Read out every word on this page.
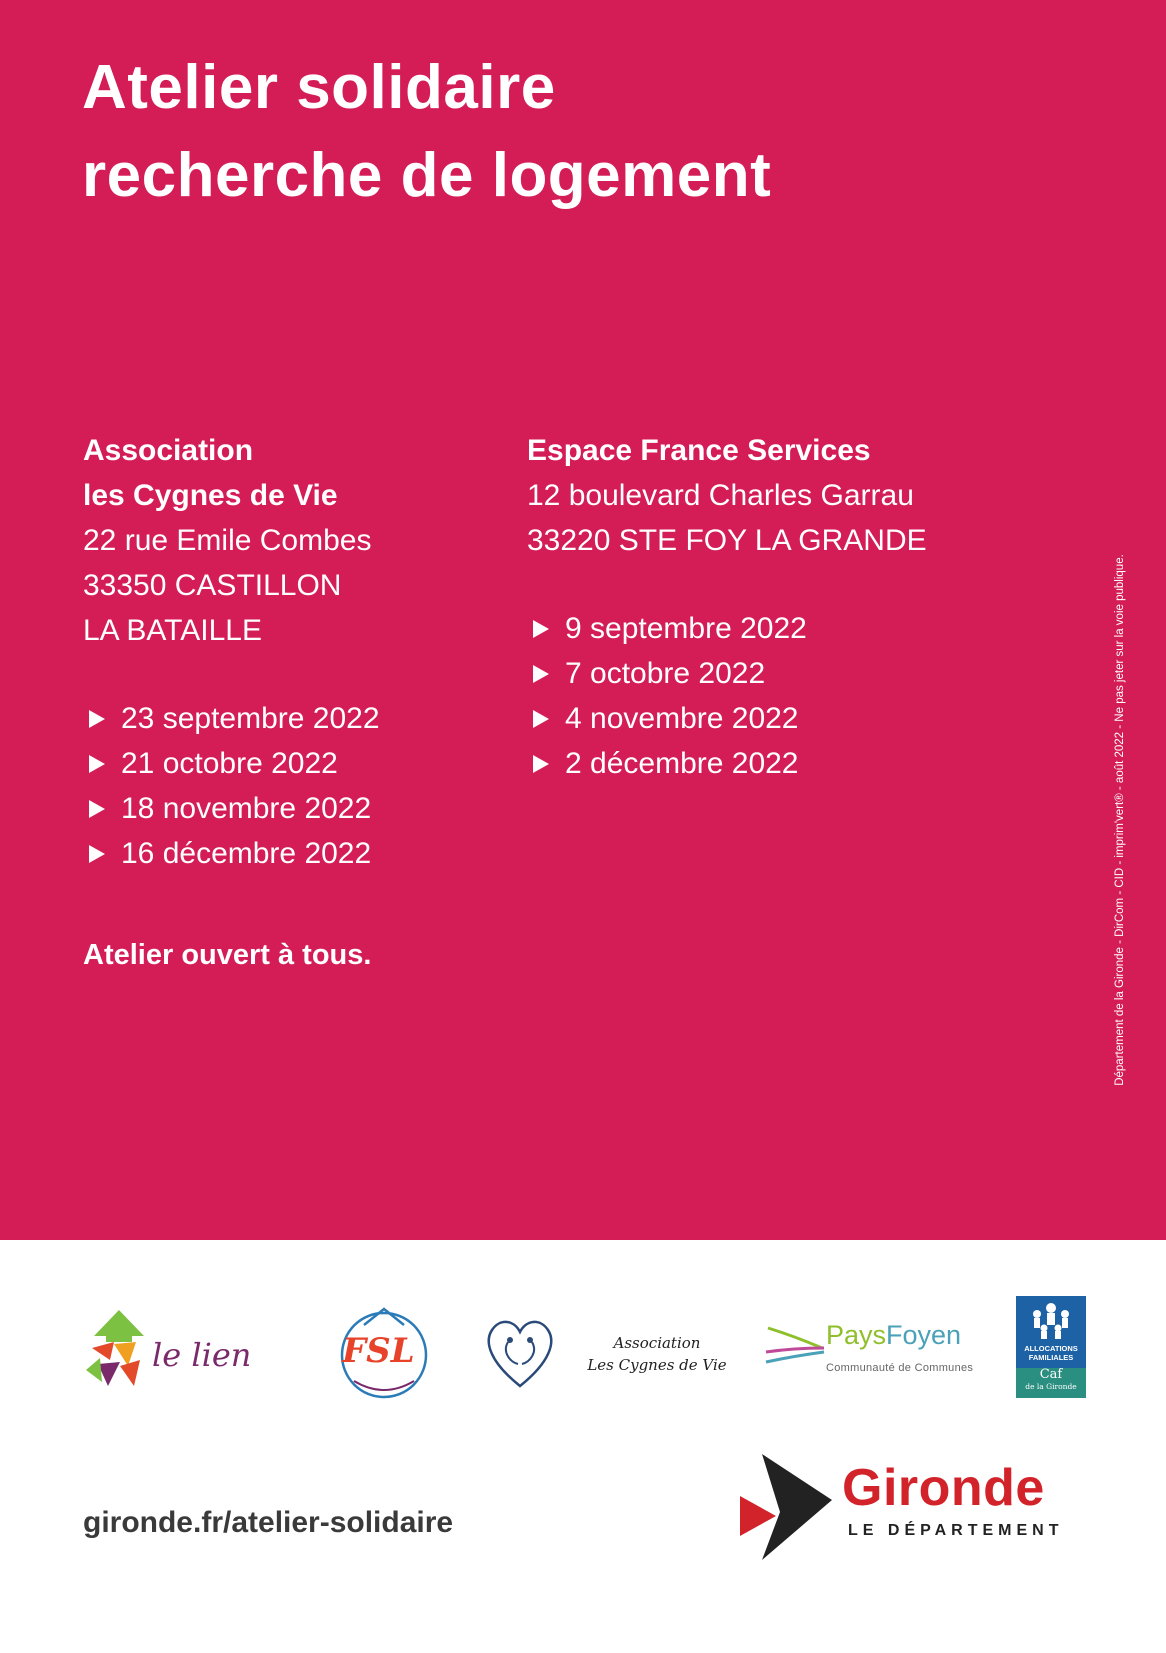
Atelier solidaire
recherche de logement
Association
les Cygnes de Vie
22 rue Emile Combes
33350 CASTILLON
LA BATAILLE
23 septembre 2022
21 octobre 2022
18 novembre 2022
16 décembre 2022
Espace France Services
12 boulevard Charles Garrau
33220 STE FOY LA GRANDE
9 septembre 2022
7 octobre 2022
4 novembre 2022
2 décembre 2022
Atelier ouvert à tous.	Département de la Gironde - DirCom - CID - imprim'vert® - août 2022 - Ne pas jeter sur la voie publique.
le lien	FSL	Association
Les Cygnes de Vie
PaysFoyen
Communauté de Communes
ALLOCATIONS
FAMILIALES
Caf
de la Gironde
gironde.fr/atelier-solidaire
Gironde
LE DÉPARTEMENT
